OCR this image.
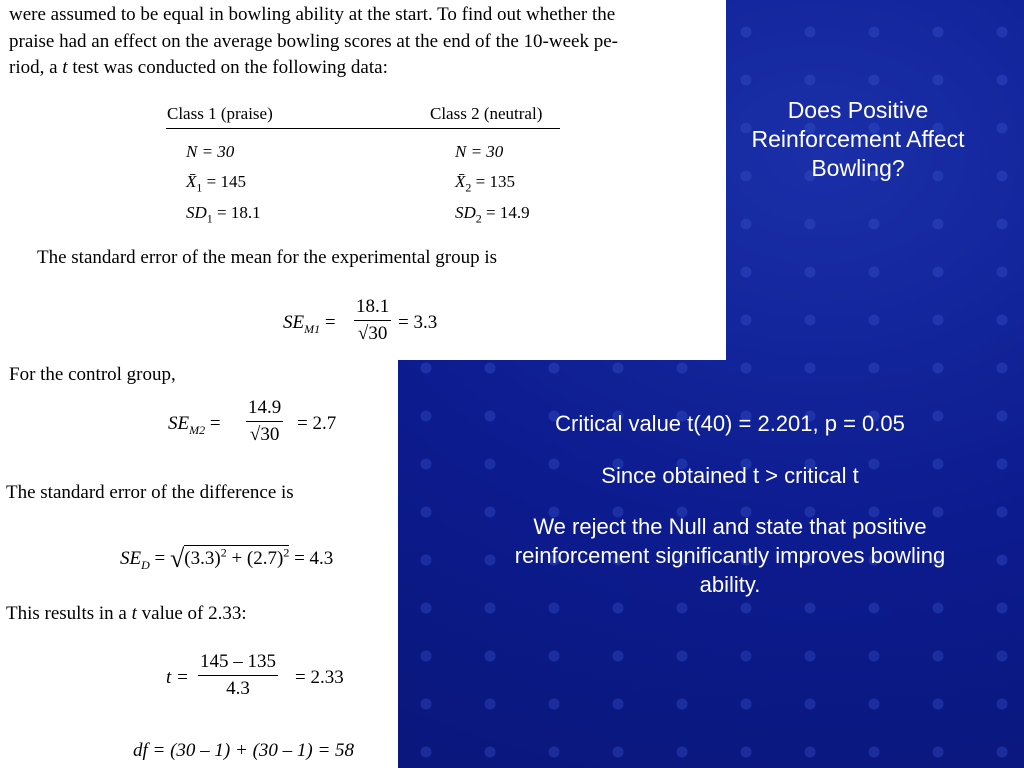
were assumed to be equal in bowling ability at the start. To find out whether the
praise had an effect on the average bowling scores at the end of the 10-week pe-
riod, a t test was conducted on the following data:
Class 1 (praise)	Class 2 (neutral)
N = 30
$X̄_1 = 145$
$SD_1 = 18.1$
N = 30
$X̄_2 = 135$
$SD_2 = 14.9$
The standard error of the mean for the experimental group is
$SE_{M1} = \frac{18.1}{√30} = 3.3$
For the control group,
$SE_{M2} = \frac{14.9}{√30} = 2.7$
The standard error of the difference is
$SE_D = √(3.3)^2 + (2.7)^2 = 4.3$
This results in a t value of 2.33:
$t = \frac{145 - 135}{4.3} = 2.33$
df = (30 – 1) + (30 – 1) = 58
Does Positive Reinforcement Affect Bowling?
Critical value t(40) = 2.201, p = 0.05
Since obtained t > critical t
We reject the Null and state that positive reinforcement significantly improves bowling ability.
